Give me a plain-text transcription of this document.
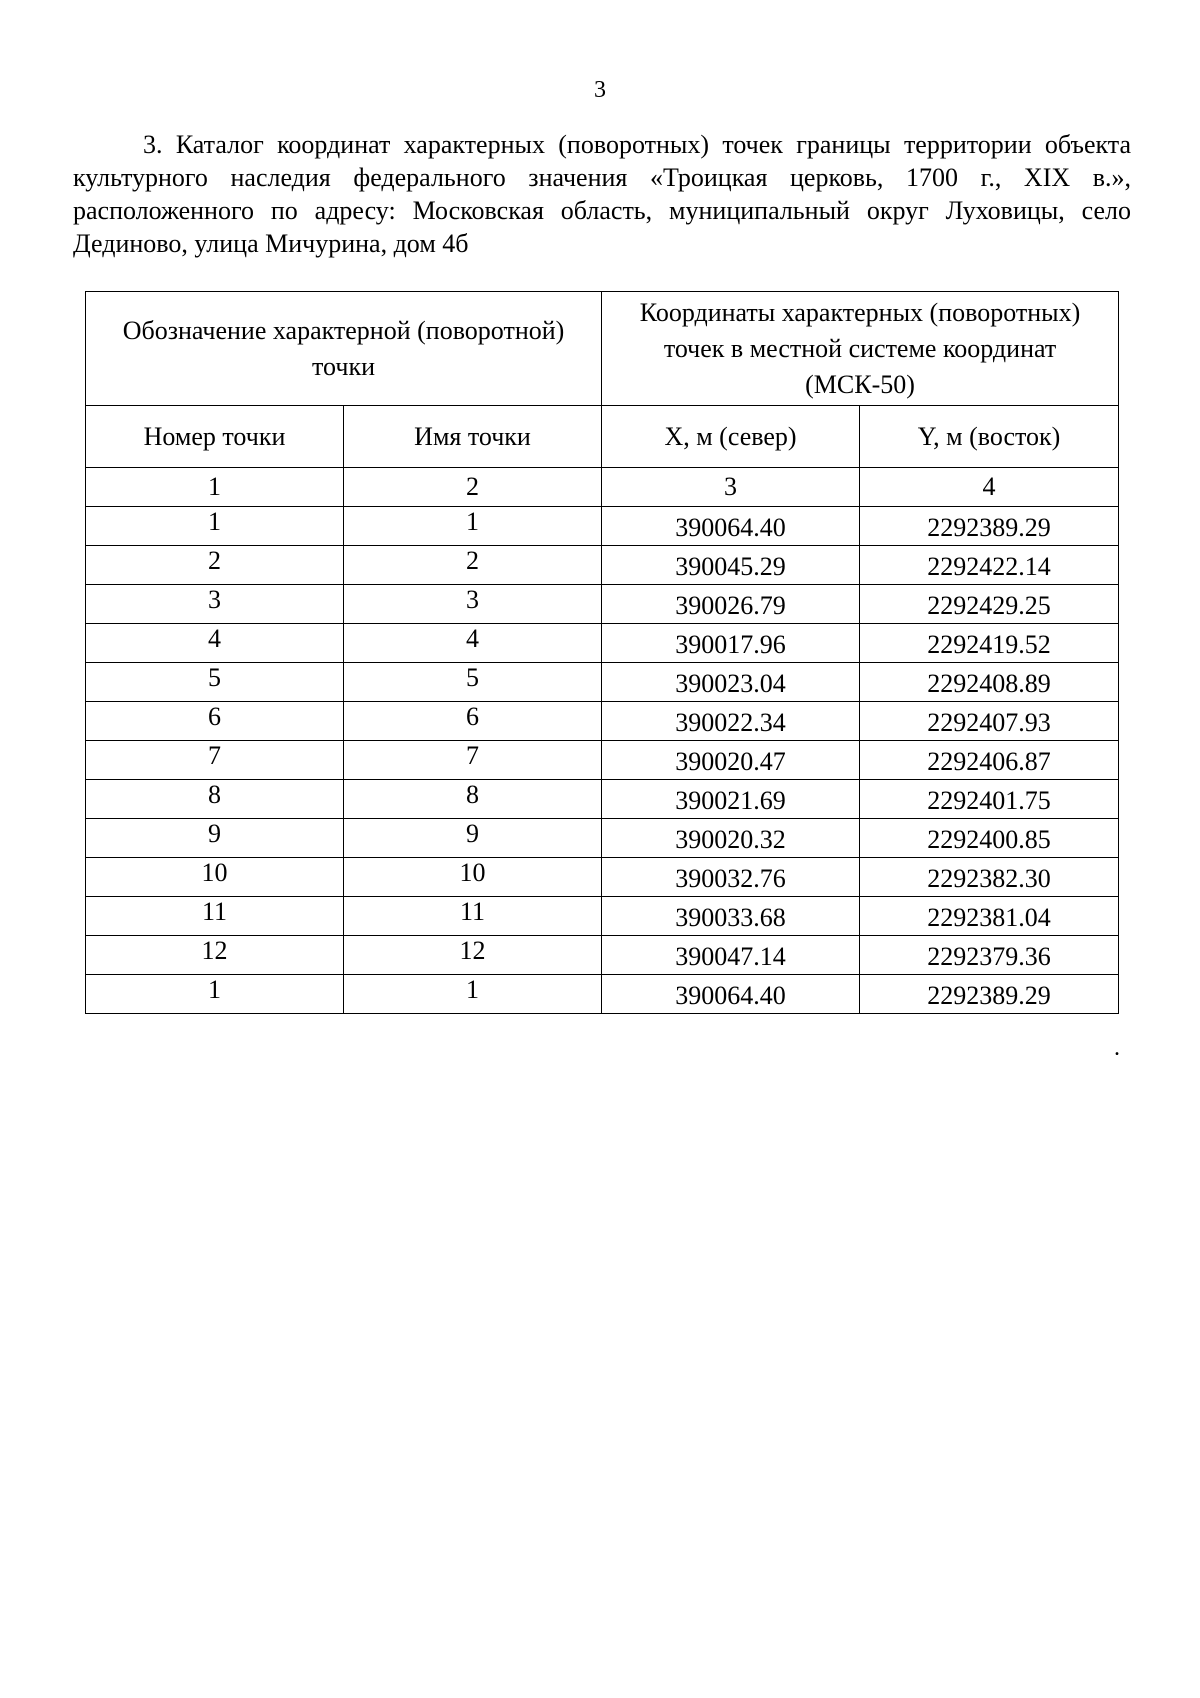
3

3. Каталог координат характерных (поворотных) точек границы территории объекта культурного наследия федерального значения «Троицкая церковь, 1700 г., XIX в.», расположенного по адресу: Московская область, муниципальный округ Луховицы, село Дединово, улица Мичурина, дом 4б

Обозначение характерной (поворотной) точки		Координаты характерных (поворотных) точек в местной системе координат (МСК-50)	
Номер точки	Имя точки	X, м (север)	Y, м (восток)
1	2	3	4
1	1	390064.40	2292389.29
2	2	390045.29	2292422.14
3	3	390026.79	2292429.25
4	4	390017.96	2292419.52
5	5	390023.04	2292408.89
6	6	390022.34	2292407.93
7	7	390020.47	2292406.87
8	8	390021.69	2292401.75
9	9	390020.32	2292400.85
10	10	390032.76	2292382.30
11	11	390033.68	2292381.04
12	12	390047.14	2292379.36
1	1	390064.40	2292389.29
.
